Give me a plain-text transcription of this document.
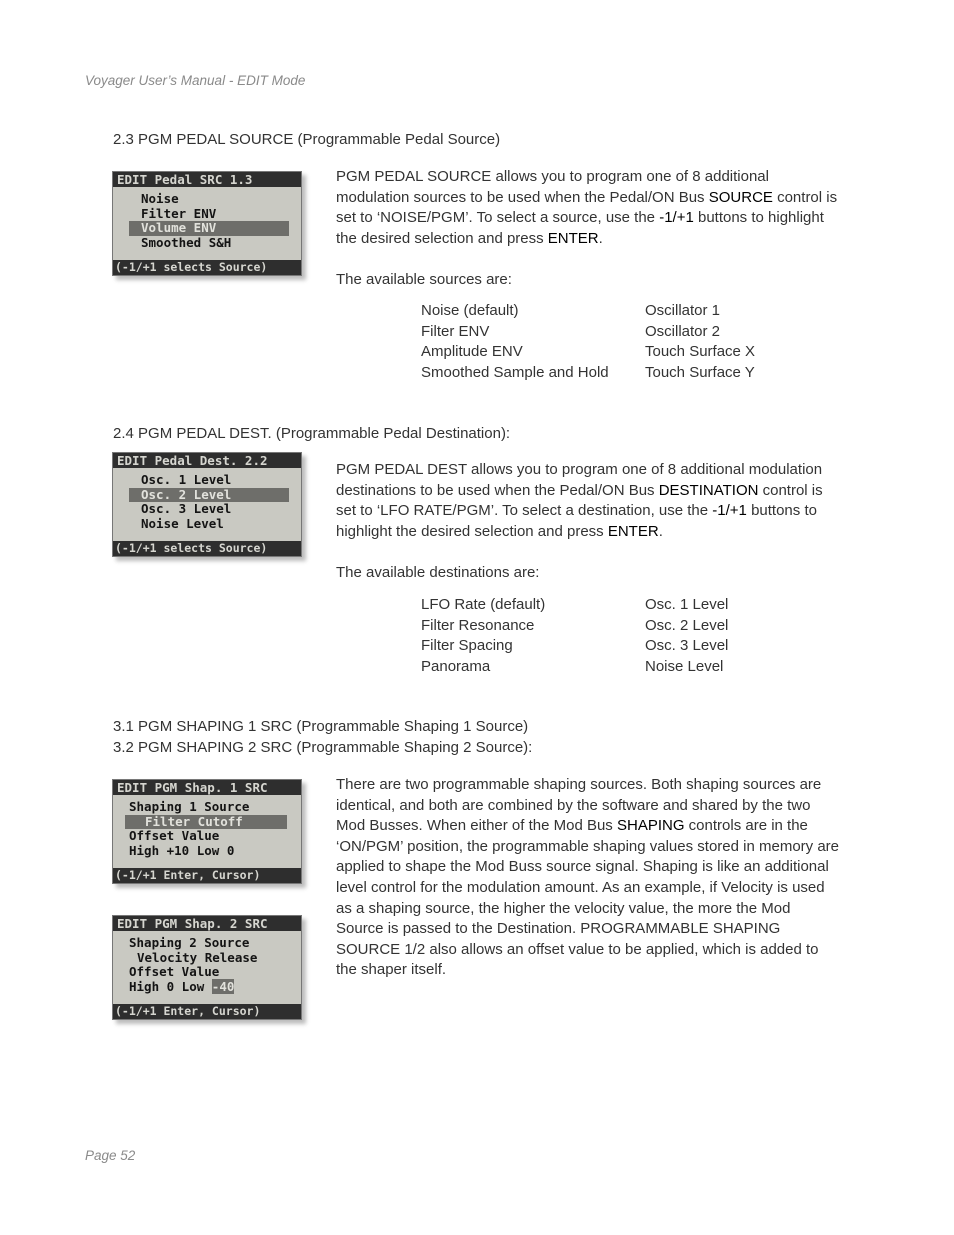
Voyager User’s Manual - EDIT Mode
2.3 PGM PEDAL SOURCE (Programmable Pedal Source)
EDIT Pedal SRC 1.3
Noise
Filter ENV
Volume ENV
Smoothed S&H
(-1/+1 selects Source)
PGM PEDAL SOURCE allows you to program one of 8 additional modulation sources to be used when the Pedal/ON Bus SOURCE control is set to ‘NOISE/PGM’. To select a source, use the -1/+1 buttons to highlight the desired selection and press ENTER.
The available sources are:
Noise (default)
Filter ENV
Amplitude ENV
Smoothed Sample and Hold
Oscillator 1
Oscillator 2
Touch Surface X
Touch Surface Y
2.4 PGM PEDAL DEST. (Programmable Pedal Destination):
EDIT Pedal Dest. 2.2
Osc. 1 Level
Osc. 2 Level
Osc. 3 Level
Noise Level
(-1/+1 selects Source)
PGM PEDAL DEST allows you to program one of 8 additional modulation destinations to be used when the Pedal/ON Bus DESTINATION control is set to ‘LFO RATE/PGM’. To select a destination, use the -1/+1 buttons to highlight the desired selection and press ENTER.
The available destinations are:
LFO Rate (default)
Filter Resonance
Filter Spacing
Panorama
Osc. 1 Level
Osc. 2 Level
Osc. 3 Level
Noise Level
3.1 PGM SHAPING 1 SRC (Programmable Shaping 1 Source)
3.2 PGM SHAPING 2 SRC (Programmable Shaping 2 Source):
EDIT PGM Shap. 1 SRC
Shaping 1 Source
Filter Cutoff
Offset Value
High +10 Low 0
(-1/+1 Enter, Cursor)
EDIT PGM Shap. 2 SRC
Shaping 2 Source
Velocity Release
Offset Value
High 0 Low -40
(-1/+1 Enter, Cursor)
There are two programmable shaping sources. Both shaping sources are identical, and both are combined by the software and shared by the two Mod Busses. When either of the Mod Bus SHAPING controls are in the ‘ON/PGM’ position, the programmable shaping values stored in memory are applied to shape the Mod Buss source signal. Shaping is like an additional level control for the modulation amount. As an example, if Velocity is used as a shaping source, the higher the velocity value, the more the Mod Source is passed to the Destination. PROGRAMMABLE SHAPING SOURCE 1/2 also allows an offset value to be applied, which is added to the shaper itself.
Page 52
